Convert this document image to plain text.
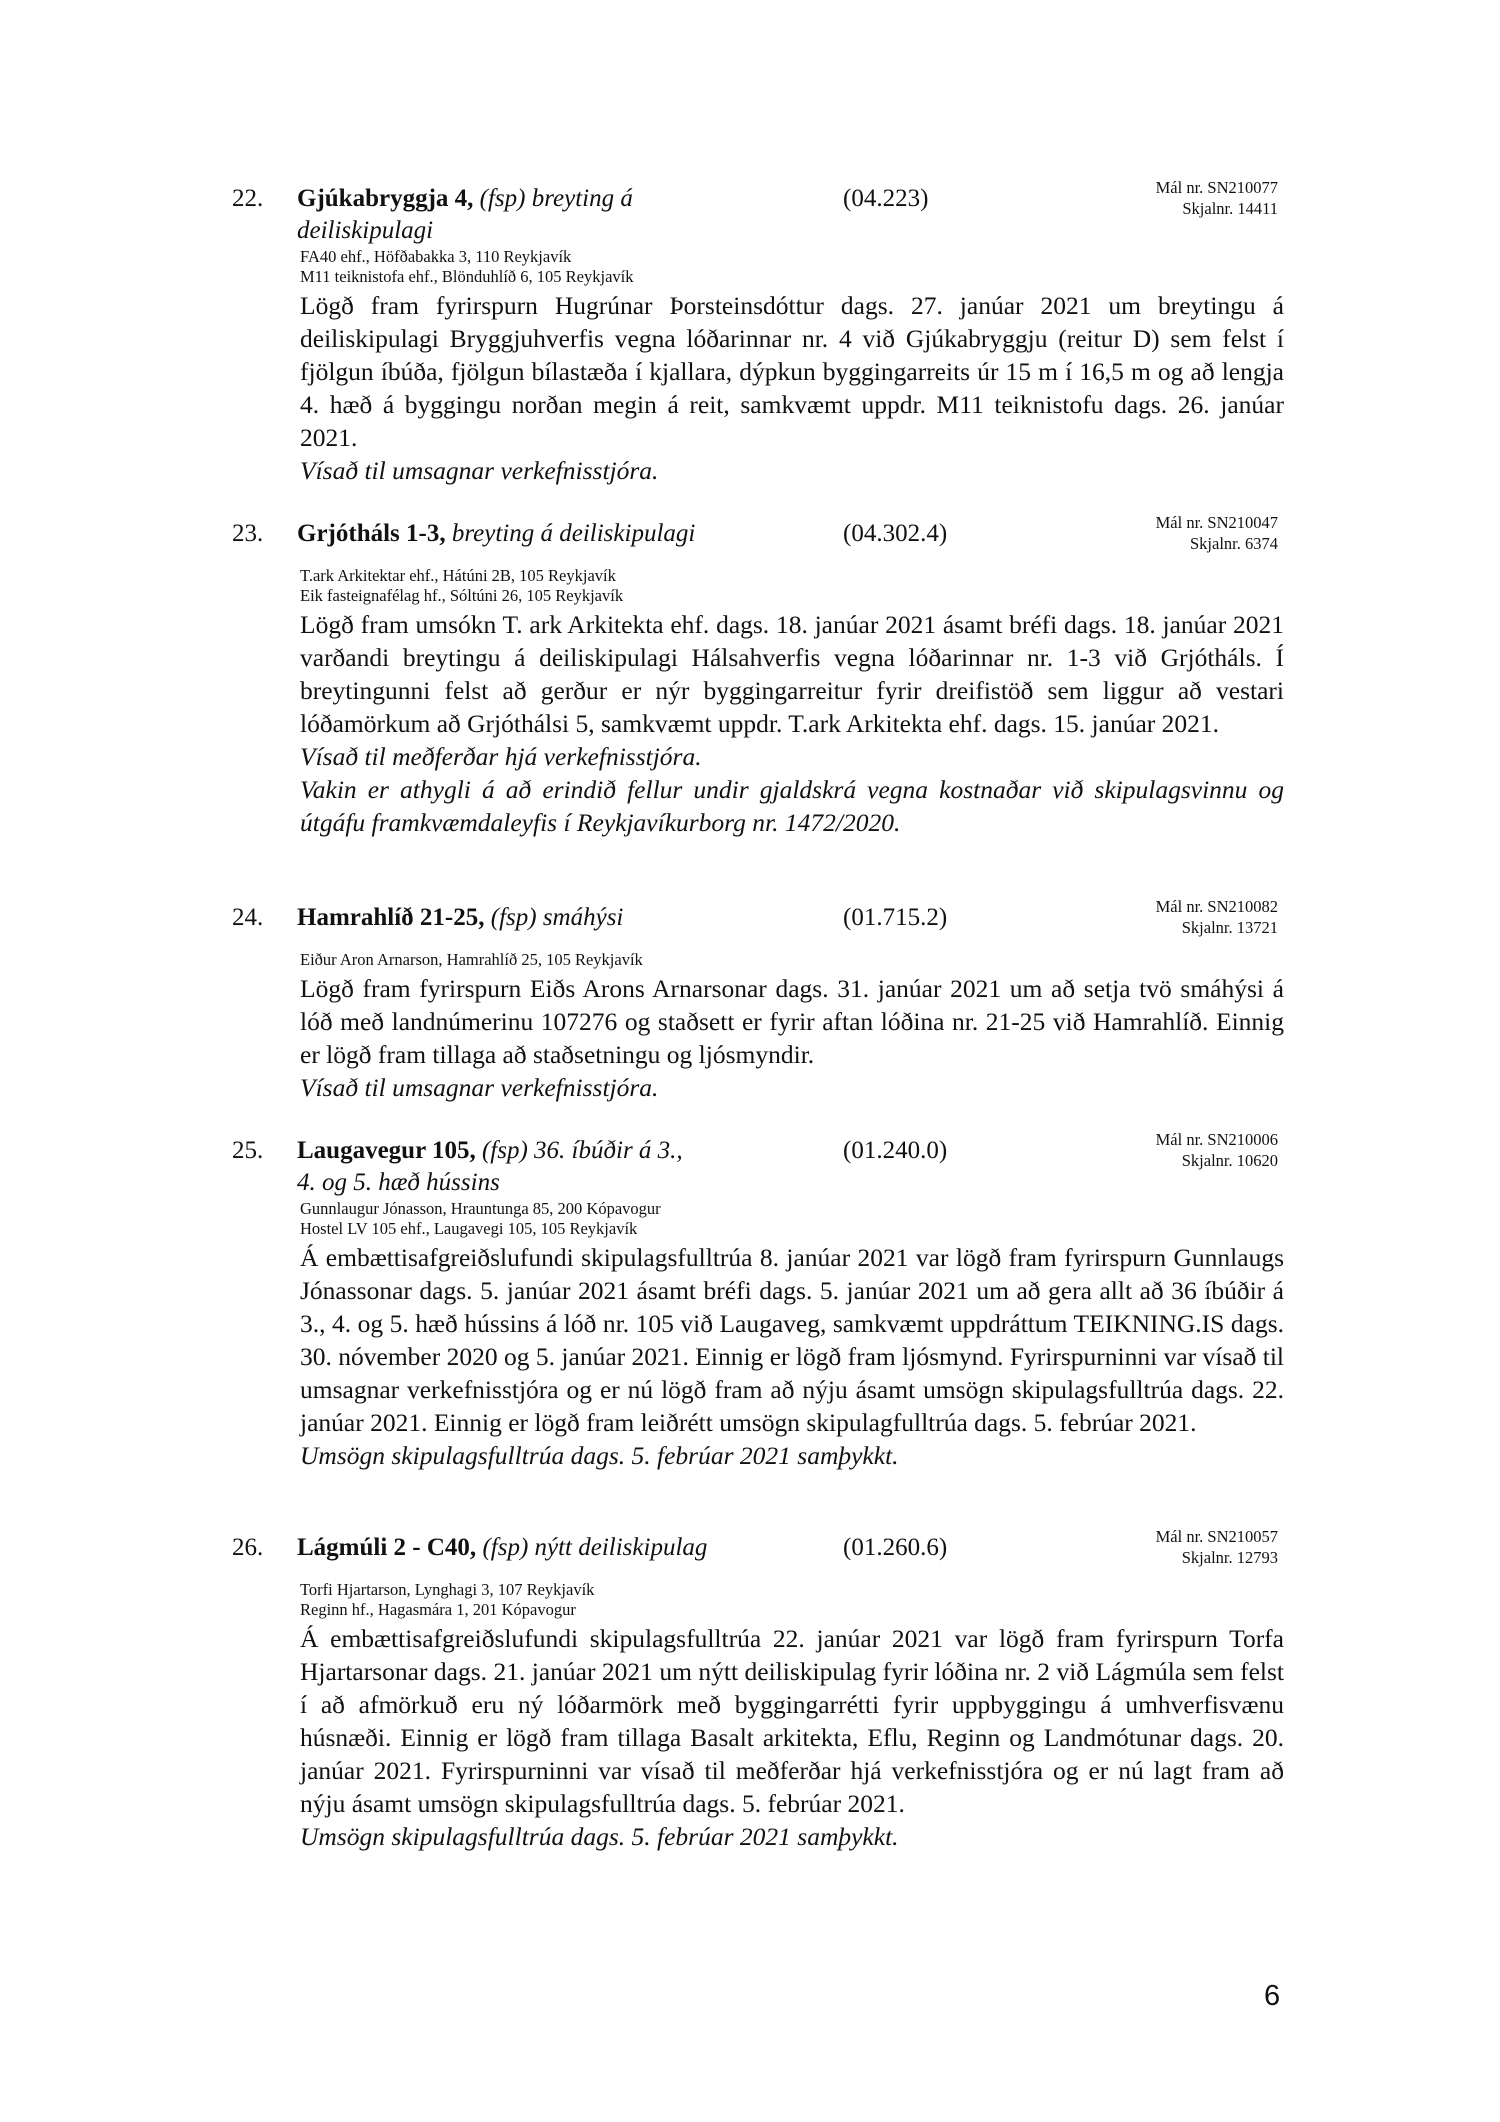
22. Gjúkabryggja 4, (fsp) breyting á deiliskipulagi
(04.223)	Mál nr. SN210077
Skjalnr. 14411
FA40 ehf., Höfðabakka 3, 110 Reykjavík
M11 teiknistofa ehf., Blönduhlíð 6, 105 Reykjavík
Lögð fram fyrirspurn Hugrúnar Þorsteinsdóttur dags. 27. janúar 2021 um breytingu á deiliskipulagi Bryggjuhverfis vegna lóðarinnar nr. 4 við Gjúkabryggju (reitur D) sem felst í fjölgun íbúða, fjölgun bílastæða í kjallara, dýpkun byggingarreits úr 15 m í 16,5 m og að lengja 4. hæð á byggingu norðan megin á reit, samkvæmt uppdr. M11 teiknistofu dags. 26. janúar 2021.
Vísað til umsagnar verkefnisstjóra.
23. Grjótháls 1-3, breyting á deiliskipulagi	(04.302.4)	Mál nr. SN210047
Skjalnr. 6374
T.ark Arkitektar ehf., Hátúni 2B, 105 Reykjavík
Eik fasteignafélag hf., Sóltúni 26, 105 Reykjavík
Lögð fram umsókn T. ark Arkitekta ehf. dags. 18. janúar 2021 ásamt bréfi dags. 18. janúar 2021 varðandi breytingu á deiliskipulagi Hálsahverfis vegna lóðarinnar nr. 1-3 við Grjótháls. Í breytingunni felst að gerður er nýr byggingarreitur fyrir dreifistöð sem liggur að vestari lóðamörkum að Grjóthálsi 5, samkvæmt uppdr. T.ark Arkitekta ehf. dags. 15. janúar 2021.
Vísað til meðferðar hjá verkefnisstjóra.
Vakin er athygli á að erindið fellur undir gjaldskrá vegna kostnaðar við skipulagsvinnu og útgáfu framkvæmdaleyfis í Reykjavíkurborg nr. 1472/2020.
24. Hamrahlíð 21-25, (fsp) smáhýsi	(01.715.2)	Mál nr. SN210082
Skjalnr. 13721
Eiður Aron Arnarson, Hamrahlíð 25, 105 Reykjavík
Lögð fram fyrirspurn Eiðs Arons Arnarsonar dags. 31. janúar 2021 um að setja tvö smáhýsi á lóð með landnúmerinu 107276 og staðsett er fyrir aftan lóðina nr. 21-25 við Hamrahlíð. Einnig er lögð fram tillaga að staðsetningu og ljósmyndir.
Vísað til umsagnar verkefnisstjóra.
25. Laugavegur 105, (fsp) 36. íbúðir á 3., 4. og 5. hæð hússins
(01.240.0)	Mál nr. SN210006
Skjalnr. 10620
Gunnlaugur Jónasson, Hrauntunga 85, 200 Kópavogur
Hostel LV 105 ehf., Laugavegi 105, 105 Reykjavík
Á embættisafgreiðslufundi skipulagsfulltrúa 8. janúar 2021 var lögð fram fyrirspurn Gunnlaugs Jónassonar dags. 5. janúar 2021 ásamt bréfi dags. 5. janúar 2021 um að gera allt að 36 íbúðir á 3., 4. og 5. hæð hússins á lóð nr. 105 við Laugaveg, samkvæmt uppdráttum TEIKNING.IS dags. 30. nóvember 2020 og 5. janúar 2021. Einnig er lögð fram ljósmynd. Fyrirspurninni var vísað til umsagnar verkefnisstjóra og er nú lögð fram að nýju ásamt umsögn skipulagsfulltrúa dags. 22. janúar 2021. Einnig er lögð fram leiðrétt umsögn skipulagfulltrúa dags. 5. febrúar 2021.
Umsögn skipulagsfulltrúa dags. 5. febrúar 2021 samþykkt.
26. Lágmúli 2 - C40, (fsp) nýtt deiliskipulag	(01.260.6)	Mál nr. SN210057
Skjalnr. 12793
Torfi Hjartarson, Lynghagi 3, 107 Reykjavík
Reginn hf., Hagasmára 1, 201 Kópavogur
Á embættisafgreiðslufundi skipulagsfulltrúa 22. janúar 2021 var lögð fram fyrirspurn Torfa Hjartarsonar dags. 21. janúar 2021 um nýtt deiliskipulag fyrir lóðina nr. 2 við Lágmúla sem felst í að afmörkuð eru ný lóðarmörk með byggingarrétti fyrir uppbyggingu á umhverfisvænu húsnæði. Einnig er lögð fram tillaga Basalt arkitekta, Eflu, Reginn og Landmótunar dags. 20. janúar 2021. Fyrirspurninni var vísað til meðferðar hjá verkefnisstjóra og er nú lagt fram að nýju ásamt umsögn skipulagsfulltrúa dags. 5. febrúar 2021.
Umsögn skipulagsfulltrúa dags. 5. febrúar 2021 samþykkt.
6
